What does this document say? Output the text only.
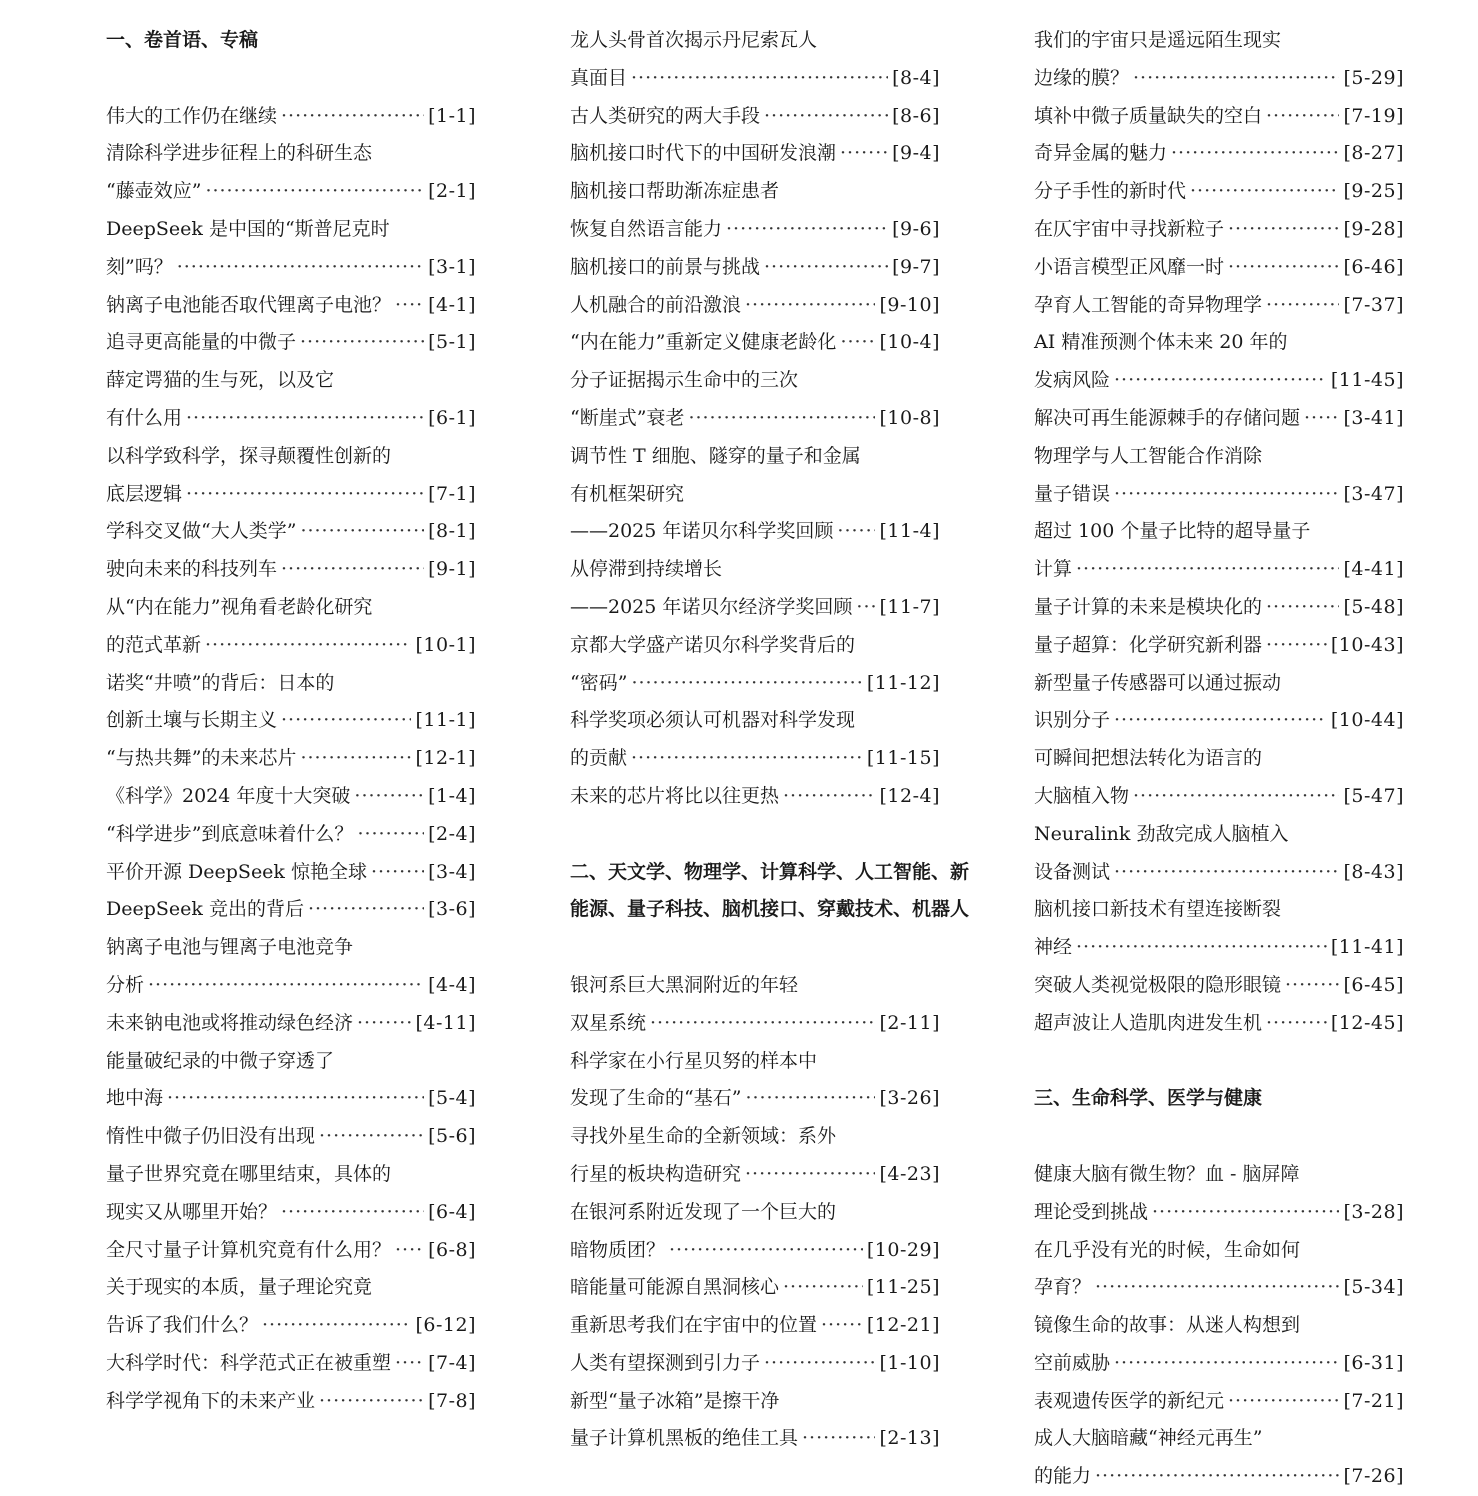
一、卷首语、专稿
伟大的工作仍在继续 ·····	[1-1]
清除科学进步征程上的科研生态
“藤壶效应” ·····	[2-1]
DeepSeek 是中国的“斯普尼克时
刻”吗？ ·····	[3-1]
钠离子电池能否取代锂离子电池？ ····· [4-1]
追寻更高能量的中微子 ·····	[5-1]
薛定谔猫的生与死，以及它
有什么用 ·····	[6-1]
以科学致科学，探寻颠覆性创新的
底层逻辑 ·····	[7-1]
学科交叉做“大人类学” ·····	[8-1]
驶向未来的科技列车 ·····	[9-1]
从“内在能力”视角看老龄化研究
的范式革新 ·····	[10-1]
诺奖“井喷”的背后：日本的
创新土壤与长期主义 ·····	[11-1]
“与热共舞”的未来芯片 ·····	[12-1]
《科学》2024 年度十大突破 ·····	[1-4]
“科学进步”到底意味着什么？ ·····	[2-4]
平价开源 DeepSeek 惊艳全球 ·····	[3-4]
DeepSeek 竞出的背后 ·····	[3-6]
钠离子电池与锂离子电池竞争
分析 ·····	[4-4]
未来钠电池或将推动绿色经济 ·····	[4-11]
能量破纪录的中微子穿透了
地中海 ·····	[5-4]
惰性中微子仍旧没有出现 ·····	[5-6]
量子世界究竟在哪里结束，具体的
现实又从哪里开始？ ·····	[6-4]
全尺寸量子计算机究竟有什么用？ ····· [6-8]
关于现实的本质，量子理论究竟
告诉了我们什么？ ·····	[6-12]
大科学时代：科学范式正在被重塑 ····· [7-4]
科学学视角下的未来产业 ·····	[7-8]
龙人头骨首次揭示丹尼索瓦人
真面目 ·····	[8-4]
古人类研究的两大手段 ·····	[8-6]
脑机接口时代下的中国研发浪潮 ·····	[9-4]
脑机接口帮助渐冻症患者
恢复自然语言能力 ·····	[9-6]
脑机接口的前景与挑战 ·····	[9-7]
人机融合的前沿激浪 ·····	[9-10]
“内在能力”重新定义健康老龄化 ····· [10-4]
分子证据揭示生命中的三次
“断崖式”衰老 ·····	[10-8]
调节性 T 细胞、隧穿的量子和金属
有机框架研究
——2025 年诺贝尔科学奖回顾 ····· [11-4]
从停滞到持续增长
——2025 年诺贝尔经济学奖回顾 ····· [11-7]
京都大学盛产诺贝尔科学奖背后的
“密码” ·····	[11-12]
科学奖项必须认可机器对科学发现
的贡献 ·····	[11-15]
未来的芯片将比以往更热 ·····	[12-4]
二、天文学、物理学、计算科学、人工智能、新
能源、量子科技、脑机接口、穿戴技术、机器人
银河系巨大黑洞附近的年轻
双星系统 ·····	[2-11]
科学家在小行星贝努的样本中
发现了生命的“基石” ·····	[3-26]
寻找外星生命的全新领域：系外
行星的板块构造研究 ·····	[4-23]
在银河系附近发现了一个巨大的
暗物质团？ ·····	[10-29]
暗能量可能源自黑洞核心 ·····	[11-25]
重新思考我们在宇宙中的位置 ·····	[12-21]
人类有望探测到引力子 ·····	[1-10]
新型“量子冰箱”是擦干净
量子计算机黑板的绝佳工具 ·····	[2-13]
我们的宇宙只是遥远陌生现实
边缘的膜？ ·····	[5-29]
填补中微子质量缺失的空白 ·····	[7-19]
奇异金属的魅力 ·····	[8-27]
分子手性的新时代 ·····	[9-25]
在仄宇宙中寻找新粒子 ·····	[9-28]
小语言模型正风靡一时 ·····	[6-46]
孕育人工智能的奇异物理学 ·····	[7-37]
AI 精准预测个体未来 20 年的
发病风险 ·····	[11-45]
解决可再生能源棘手的存储问题 ····· [3-41]
物理学与人工智能合作消除
量子错误 ·····	[3-47]
超过 100 个量子比特的超导量子
计算 ·····	[4-41]
量子计算的未来是模块化的 ·····	[5-48]
量子超算：化学研究新利器 ·····	[10-43]
新型量子传感器可以通过振动
识别分子 ·····	[10-44]
可瞬间把想法转化为语言的
大脑植入物 ·····	[5-47]
Neuralink 劲敌完成人脑植入
设备测试 ·····	[8-43]
脑机接口新技术有望连接断裂
神经 ·····	[11-41]
突破人类视觉极限的隐形眼镜 ·····	[6-45]
超声波让人造肌肉进发生机 ·····	[12-45]
三、生命科学、医学与健康
健康大脑有微生物？血 - 脑屏障
理论受到挑战 ·····	[3-28]
在几乎没有光的时候，生命如何
孕育？ ·····	[5-34]
镜像生命的故事：从迷人构想到
空前威胁 ·····	[6-31]
表观遗传医学的新纪元 ·····	[7-21]
成人大脑暗藏“神经元再生”
的能力 ·····	[7-26]
